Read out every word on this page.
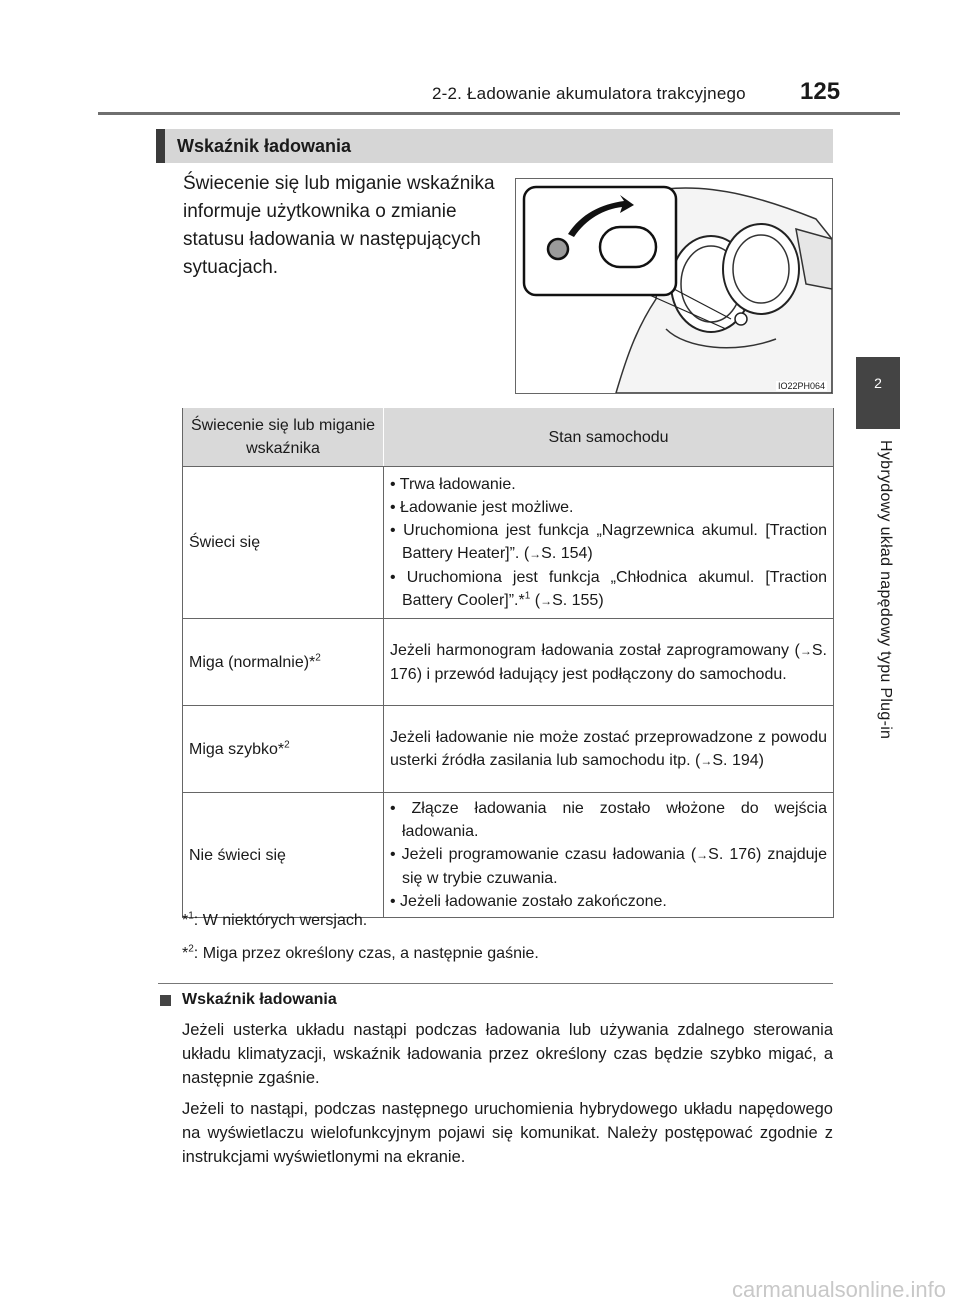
2-2. Ładowanie akumulatora trakcyjnego 125
2
Hybrydowy układ napędowy typu Plug-in
Wskaźnik ładowania
Świecenie się lub miganie wskaźnika informuje użytkownika o zmianie statusu ładowania w następujących sytuacjach.
IO22PH064
Świecenie się lub miganie wskaźnika	Stan samochodu
Świeci się	• Trwa ładowanie.
• Ładowanie jest możliwe.
• Uruchomiona jest funkcja „Nagrzewnica akumul. [Traction Battery Heater]”. (→S. 154)
• Uruchomiona jest funkcja „Chłodnica akumul. [Traction Battery Cooler]”.*$^1$ (→S. 155)

Miga (normalnie)*$^2$	Jeżeli harmonogram ładowania został zaprogramowany (→S. 176) i przewód ładujący jest podłączony do samochodu.
Miga szybko*$^2$	Jeżeli ładowanie nie może zostać przeprowadzone z powodu usterki źródła zasilania lub samochodu itp. (→S. 194)
Nie świeci się	• Złącze ładowania nie zostało włożone do wejścia ładowania.
• Jeżeli programowanie czasu ładowania (→S. 176) znajduje się w trybie czuwania.
• Jeżeli ładowanie zostało zakończone.
*$^1$: W niektórych wersjach.
*$^2$: Miga przez określony czas, a następnie gaśnie.
Wskaźnik ładowania
Jeżeli usterka układu nastąpi podczas ładowania lub używania zdalnego sterowania układu klimatyzacji, wskaźnik ładowania przez określony czas będzie szybko migać, a następnie zgaśnie.
Jeżeli to nastąpi, podczas następnego uruchomienia hybrydowego układu napędowego na wyświetlaczu wielofunkcyjnym pojawi się komunikat. Należy postępować zgodnie z instrukcjami wyświetlonymi na ekranie.
carmanualsonline.info
